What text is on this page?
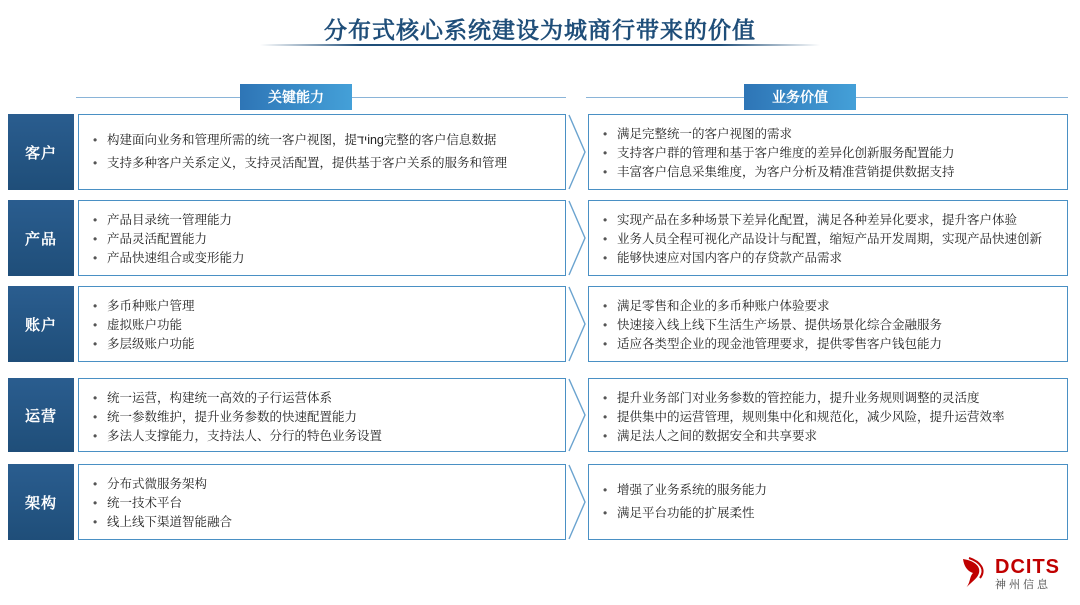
分布式核心系统建设为城商行带来的价值
关键能力	业务价值
客户
• 构建面向业务和管理所需的统一客户视图，提ידing完整的客户信息数据
• 支持多种客户关系定义，支持灵活配置，提供基于客户关系的服务和管理
• 满足完整统一的客户视图的需求
• 支持客户群的管理和基于客户维度的差异化创新服务配置能力
• 丰富客户信息采集维度，为客户分析及精准营销提供数据支持
产品
• 产品目录统一管理能力
• 产品灵活配置能力
• 产品快速组合或变形能力
• 实现产品在多种场景下差异化配置，满足各种差异化要求，提升客户体验
• 业务人员全程可视化产品设计与配置，缩短产品开发周期，实现产品快速创新
• 能够快速应对国内客户的存贷款产品需求
账户
• 多币种账户管理
• 虚拟账户功能
• 多层级账户功能
• 满足零售和企业的多币种账户体验要求
• 快速接入线上线下生活生产场景、提供场景化综合金融服务
• 适应各类型企业的现金池管理要求，提供零售客户钱包能力
运营
• 统一运营，构建统一高效的子行运营体系
• 统一参数维护，提升业务参数的快速配置能力
• 多法人支撑能力，支持法人、分行的特色业务设置
• 提升业务部门对业务参数的管控能力，提升业务规则调整的灵活度
• 提供集中的运营管理，规则集中化和规范化，减少风险，提升运营效率
• 满足法人之间的数据安全和共享要求
架构
• 分布式微服务架构
• 统一技术平台
• 线上线下渠道智能融合
• 增强了业务系统的服务能力
• 满足平台功能的扩展柔性
DCITS
神州信息
